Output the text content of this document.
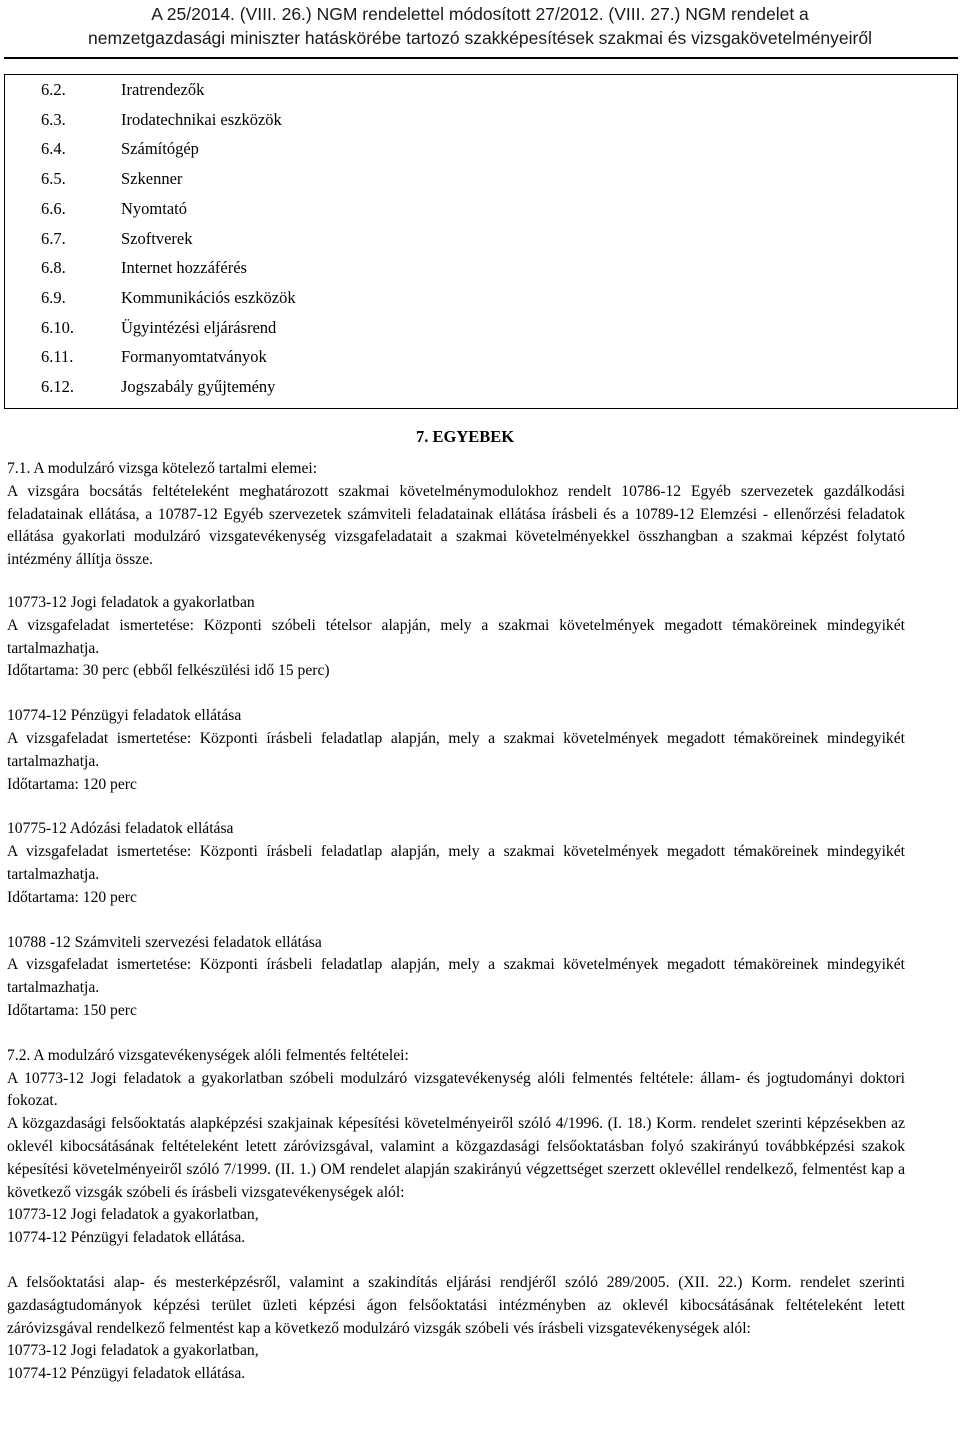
A 25/2014. (VIII. 26.) NGM rendelettel módosított 27/2012. (VIII. 27.) NGM rendelet a
nemzetgazdasági miniszter hatáskörébe tartozó szakképesítések szakmai és vizsgakövetelményeiről
6.2.	Iratrendezők
6.3.	Irodatechnikai eszközök
6.4.	Számítógép
6.5.	Szkenner
6.6.	Nyomtató
6.7.	Szoftverek
6.8.	Internet hozzáférés
6.9.	Kommunikációs eszközök
6.10.	Ügyintézési eljárásrend
6.11.	Formanyomtatványok
6.12.	Jogszabály gyűjtemény
7. EGYEBEK

7.1. A modulzáró vizsga kötelező tartalmi elemei:

A vizsgára bocsátás feltételeként meghatározott szakmai követelménymodulokhoz rendelt 10786-12 Egyéb szervezetek gazdálkodási feladatainak ellátása, a 10787-12 Egyéb szervezetek számviteli feladatainak ellátása írásbeli és a 10789-12 Elemzési - ellenőrzési feladatok ellátása gyakorlati modulzáró vizsgatevékenység vizsgafeladatait a szakmai követelményekkel összhangban a szakmai képzést folytató intézmény állítja össze.

10773-12 Jogi feladatok a gyakorlatban

A vizsgafeladat ismertetése: Központi szóbeli tételsor alapján, mely a szakmai követelmények megadott témaköreinek mindegyikét tartalmazhatja.

Időtartama: 30 perc (ebből felkészülési idő 15 perc)

10774-12 Pénzügyi feladatok ellátása

A vizsgafeladat ismertetése: Központi írásbeli feladatlap alapján, mely a szakmai követelmények megadott témaköreinek mindegyikét tartalmazhatja.

Időtartama: 120 perc

10775-12 Adózási feladatok ellátása

A vizsgafeladat ismertetése: Központi írásbeli feladatlap alapján, mely a szakmai követelmények megadott témaköreinek mindegyikét tartalmazhatja.

Időtartama: 120 perc

10788 -12 Számviteli szervezési feladatok ellátása

A vizsgafeladat ismertetése: Központi írásbeli feladatlap alapján, mely a szakmai követelmények megadott témaköreinek mindegyikét tartalmazhatja.

Időtartama: 150 perc

7.2. A modulzáró vizsgatevékenységek alóli felmentés feltételei:

A 10773-12 Jogi feladatok a gyakorlatban szóbeli modulzáró vizsgatevékenység alóli felmentés feltétele: állam- és jogtudományi doktori fokozat.

A közgazdasági felsőoktatás alapképzési szakjainak képesítési követelményeiről szóló 4/1996. (I. 18.) Korm. rendelet szerinti képzésekben az oklevél kibocsátásának feltételeként letett záróvizsgával, valamint a közgazdasági felsőoktatásban folyó szakirányú továbbképzési szakok képesítési követelményeiről szóló 7/1999. (II. 1.) OM rendelet alapján szakirányú végzettséget szerzett oklevéllel rendelkező, felmentést kap a következő vizsgák szóbeli és írásbeli vizsgatevékenységek alól:

10773-12 Jogi feladatok a gyakorlatban,

10774-12 Pénzügyi feladatok ellátása.

A felsőoktatási alap- és mesterképzésről, valamint a szakindítás eljárási rendjéről szóló 289/2005. (XII. 22.) Korm. rendelet szerinti gazdaságtudományok képzési terület üzleti képzési ágon felsőoktatási intézményben az oklevél kibocsátásának feltételeként letett záróvizsgával rendelkező felmentést kap a következő modulzáró vizsgák szóbeli vés írásbeli vizsgatevékenységek alól:

10773-12 Jogi feladatok a gyakorlatban,

10774-12 Pénzügyi feladatok ellátása.
